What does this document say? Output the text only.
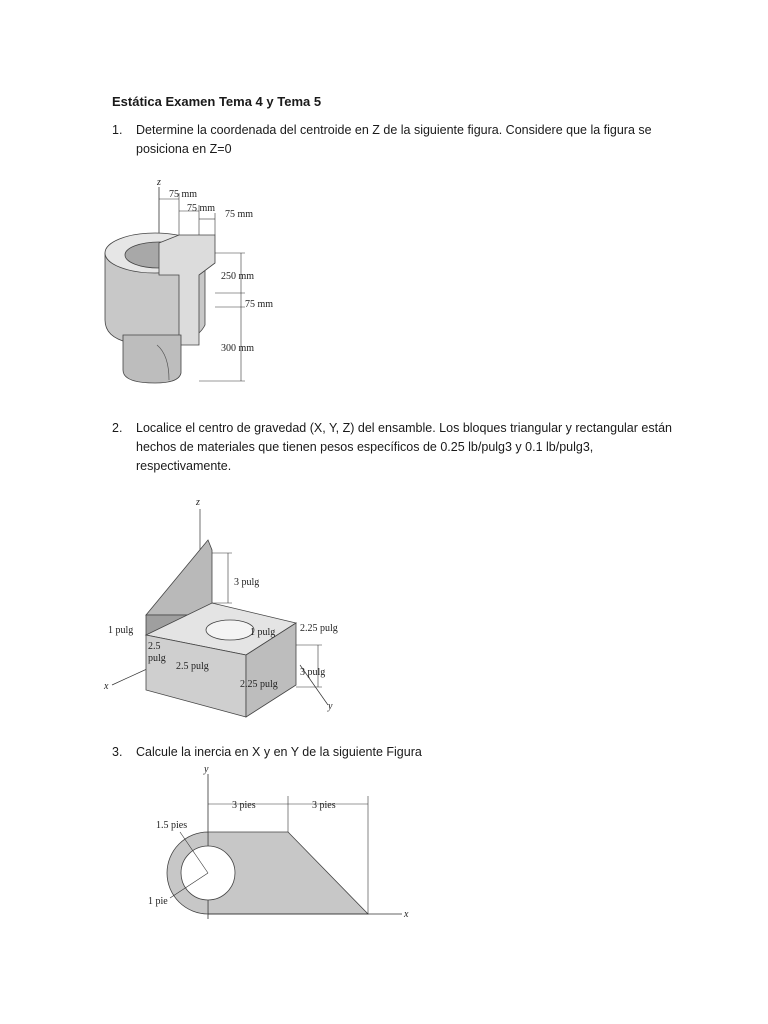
Estática Examen Tema 4 y Tema 5
1. Determine la coordenada del centroide en Z de la siguiente figura. Considere que la figura se
posiciona en Z=0
z
75 mm
75 mm
75 mm
250 mm
75 mm
300 mm
2. Localice el centro de gravedad (X, Y, Z) del ensamble. Los bloques triangular y rectangular están
hechos de materiales que tienen pesos específicos de 0.25 lb/pulg3 y 0.1 lb/pulg3,
respectivamente.
z
x
y
3 pulg
1 pulg	1 pulg 2.25 pulg
2.5
pulg
2.5 pulg
2.25 pulg
3 pulg
3. Calcule la inercia en X y en Y de la siguiente Figura
y
x
3 pies	3 pies
1.5 pies
1 pie
